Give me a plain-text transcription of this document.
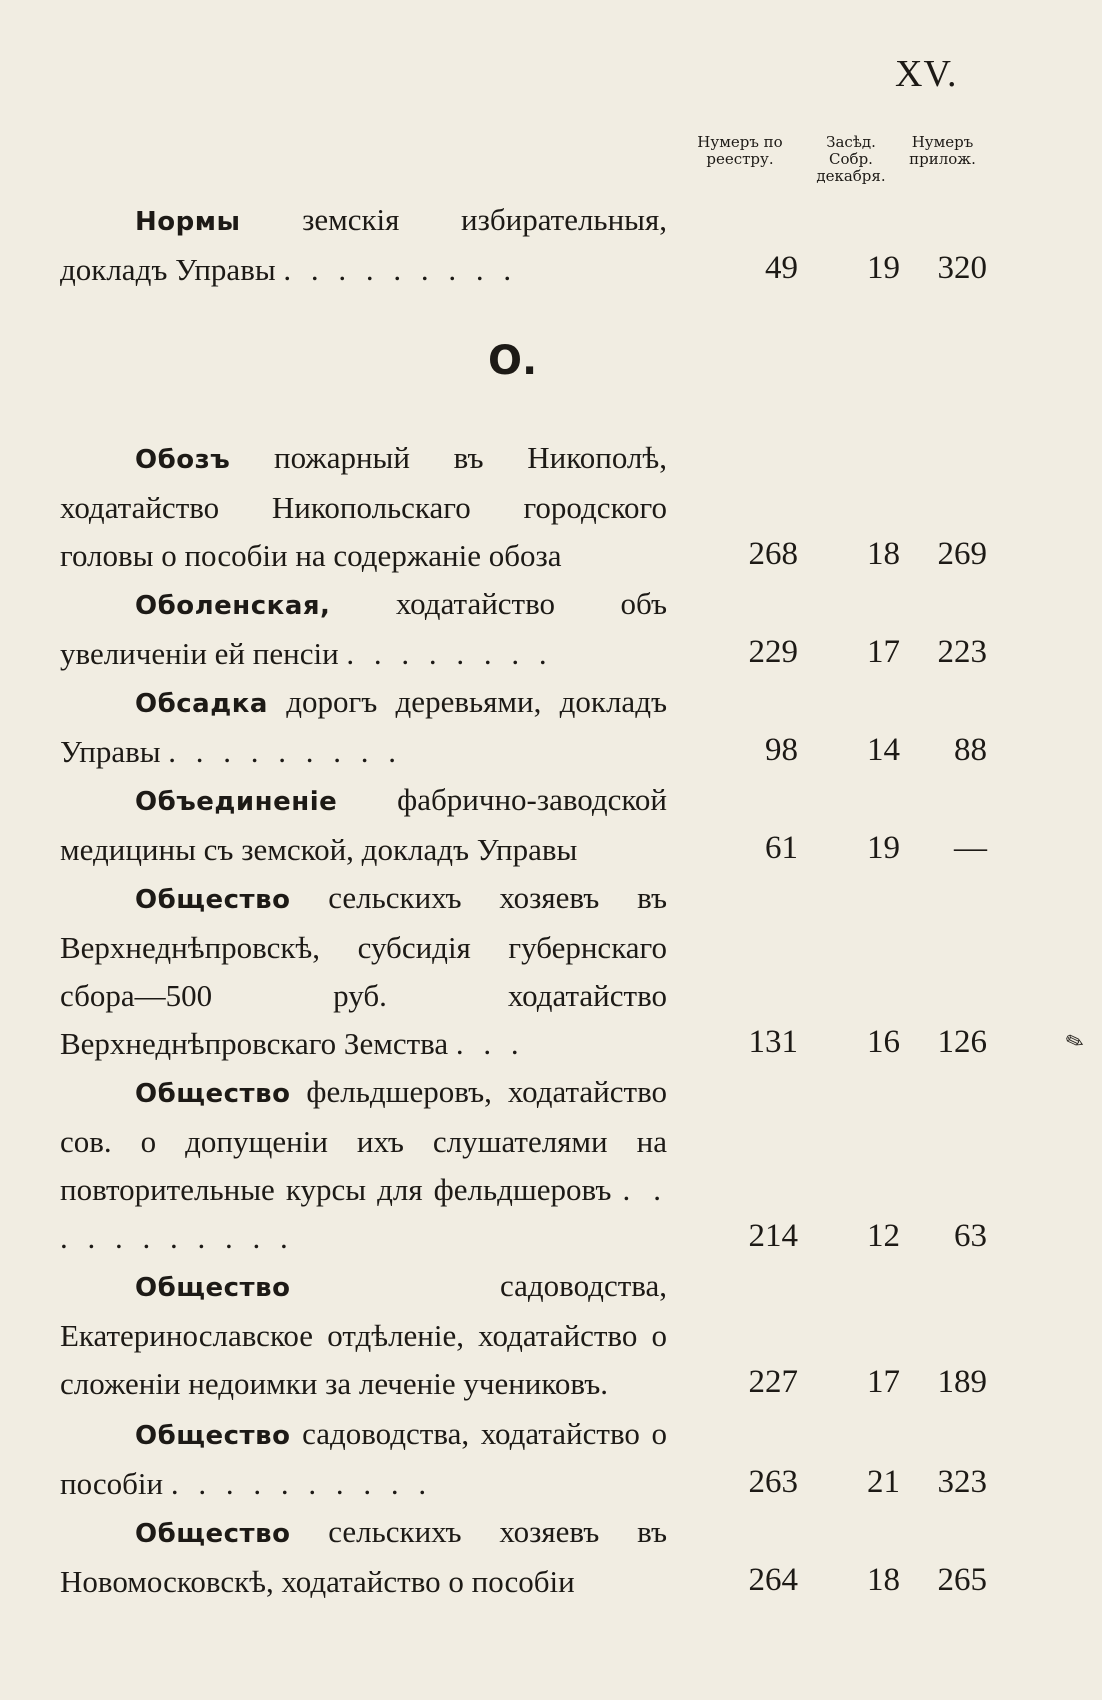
XV.
Нумеръ по реестру.
Засѣд. Собр. декабря.
Нумеръ прилож.
Нормы земскія избирательныя, докладъ Управы . . . . . . . . .	49	19	320
О.
Обозъ пожарный въ Никополѣ, ходатайство Никопольскаго городского головы о пособіи на содержаніе обоза	268	18	269
Оболенская, ходатайство объ увеличеніи ей пенсіи . . . . . . . .	229	17	223
Обсадка дорогъ деревьями, докладъ Управы . . . . . . . . .	98	14	88
Объединеніе фабрично-заводской медицины съ земской, докладъ Управы	61	19	—
Общество сельскихъ хозяевъ въ Верхнеднѣпровскѣ, субсидія губернскаго сбора—500 руб. ходатайство Верхнеднѣпровскаго Земства . . .	131	16	126
Общество фельдшеровъ, ходатайство сов. о допущеніи ихъ слушателями на повторительные курсы для фельдшеровъ . . . . . . . . . . .	214	12	63
Общество садоводства, Екатеринославское отдѣленіе, ходатайство о сложеніи недоимки за леченіе учениковъ.	227	17	189
Общество садоводства, ходатайство о пособіи . . . . . . . . . .	263	21	323
Общество сельскихъ хозяевъ въ Новомосковскѣ, ходатайство о пособіи	264	18	265
✎
